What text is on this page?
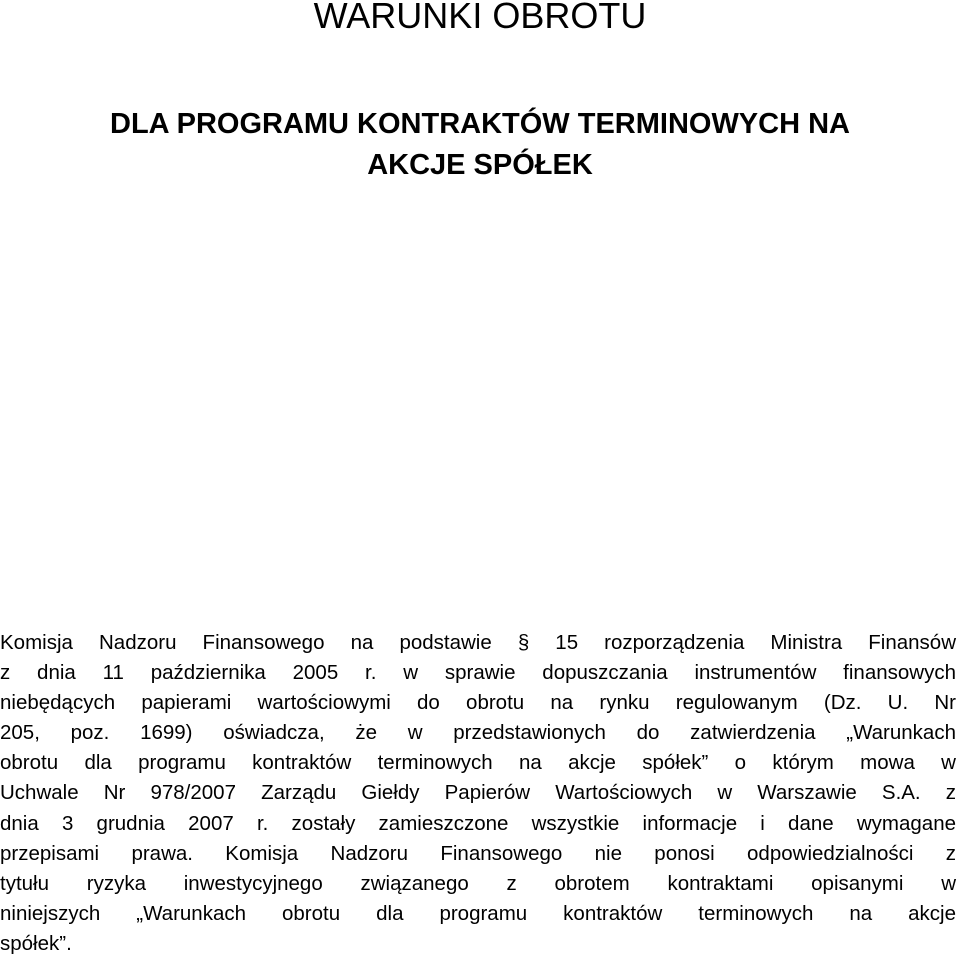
WARUNKI OBROTU
DLA PROGRAMU KONTRAKTÓW TERMINOWYCH NA
AKCJE SPÓŁEK
Komisja Nadzoru Finansowego na podstawie § 15 rozporządzenia Ministra Finansów
z dnia 11 października 2005 r. w sprawie dopuszczania instrumentów finansowych
niebędących papierami wartościowymi do obrotu na rynku regulowanym (Dz. U. Nr
205, poz. 1699) oświadcza, że w przedstawionych do zatwierdzenia „Warunkach
obrotu dla programu kontraktów terminowych na akcje spółek” o którym mowa w
Uchwale Nr 978/2007 Zarządu Giełdy Papierów Wartościowych w Warszawie S.A. z
dnia 3 grudnia 2007 r. zostały zamieszczone wszystkie informacje i dane wymagane
przepisami prawa. Komisja Nadzoru Finansowego nie ponosi odpowiedzialności z
tytułu ryzyka inwestycyjnego związanego z obrotem kontraktami opisanymi w
niniejszych „Warunkach obrotu dla programu kontraktów terminowych na akcje
spółek”.
